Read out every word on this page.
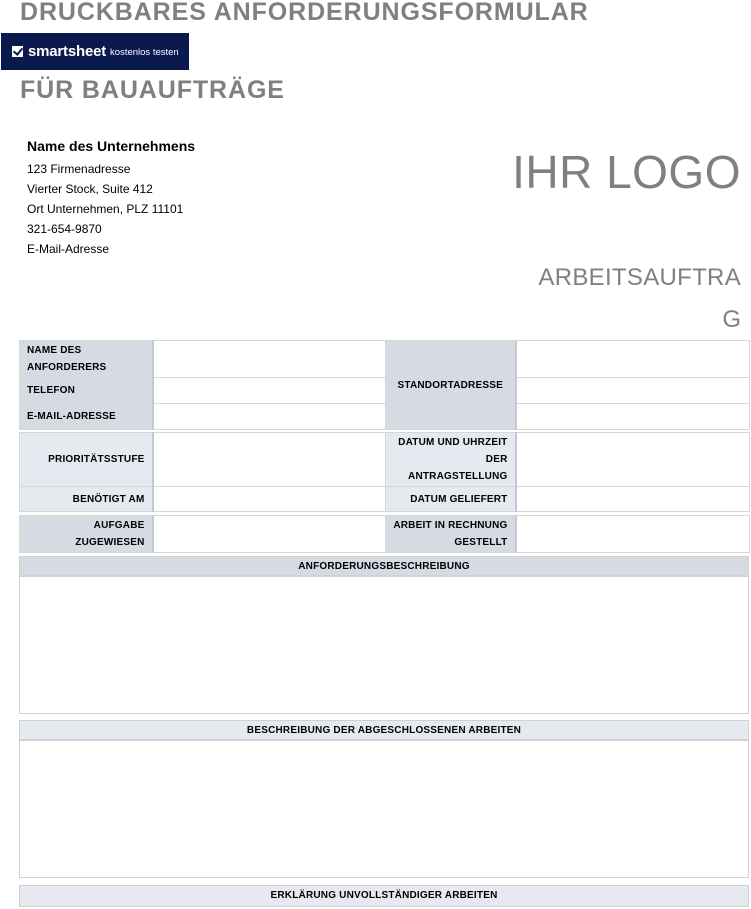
DRUCKBARES ANFORDERUNGSFORMULAR
smartsheet kostenlos testen
FÜR BAUAUFTRÄGE
Name des Unternehmens
123 Firmenadresse
Vierter Stock, Suite 412
Ort Unternehmen, PLZ 11101
321-654-9870
E-Mail-Adresse
IHR LOGO
ARBEITSAUFTRA
G
NAME DES ANFORDERERS		STANDORTADRESSE	
TELEFON			
E-MAIL-ADRESSE			
PRIORITÄTSSTUFE		DATUM UND UHRZEIT DER ANTRAGSTELLUNG	
BENÖTIGT AM		DATUM GELIEFERT	
AUFGABE ZUGEWIESEN		ARBEIT IN RECHNUNG GESTELLT	
ANFORDERUNGSBESCHREIBUNG
BESCHREIBUNG DER ABGESCHLOSSENEN ARBEITEN
ERKLÄRUNG UNVOLLSTÄNDIGER ARBEITEN
